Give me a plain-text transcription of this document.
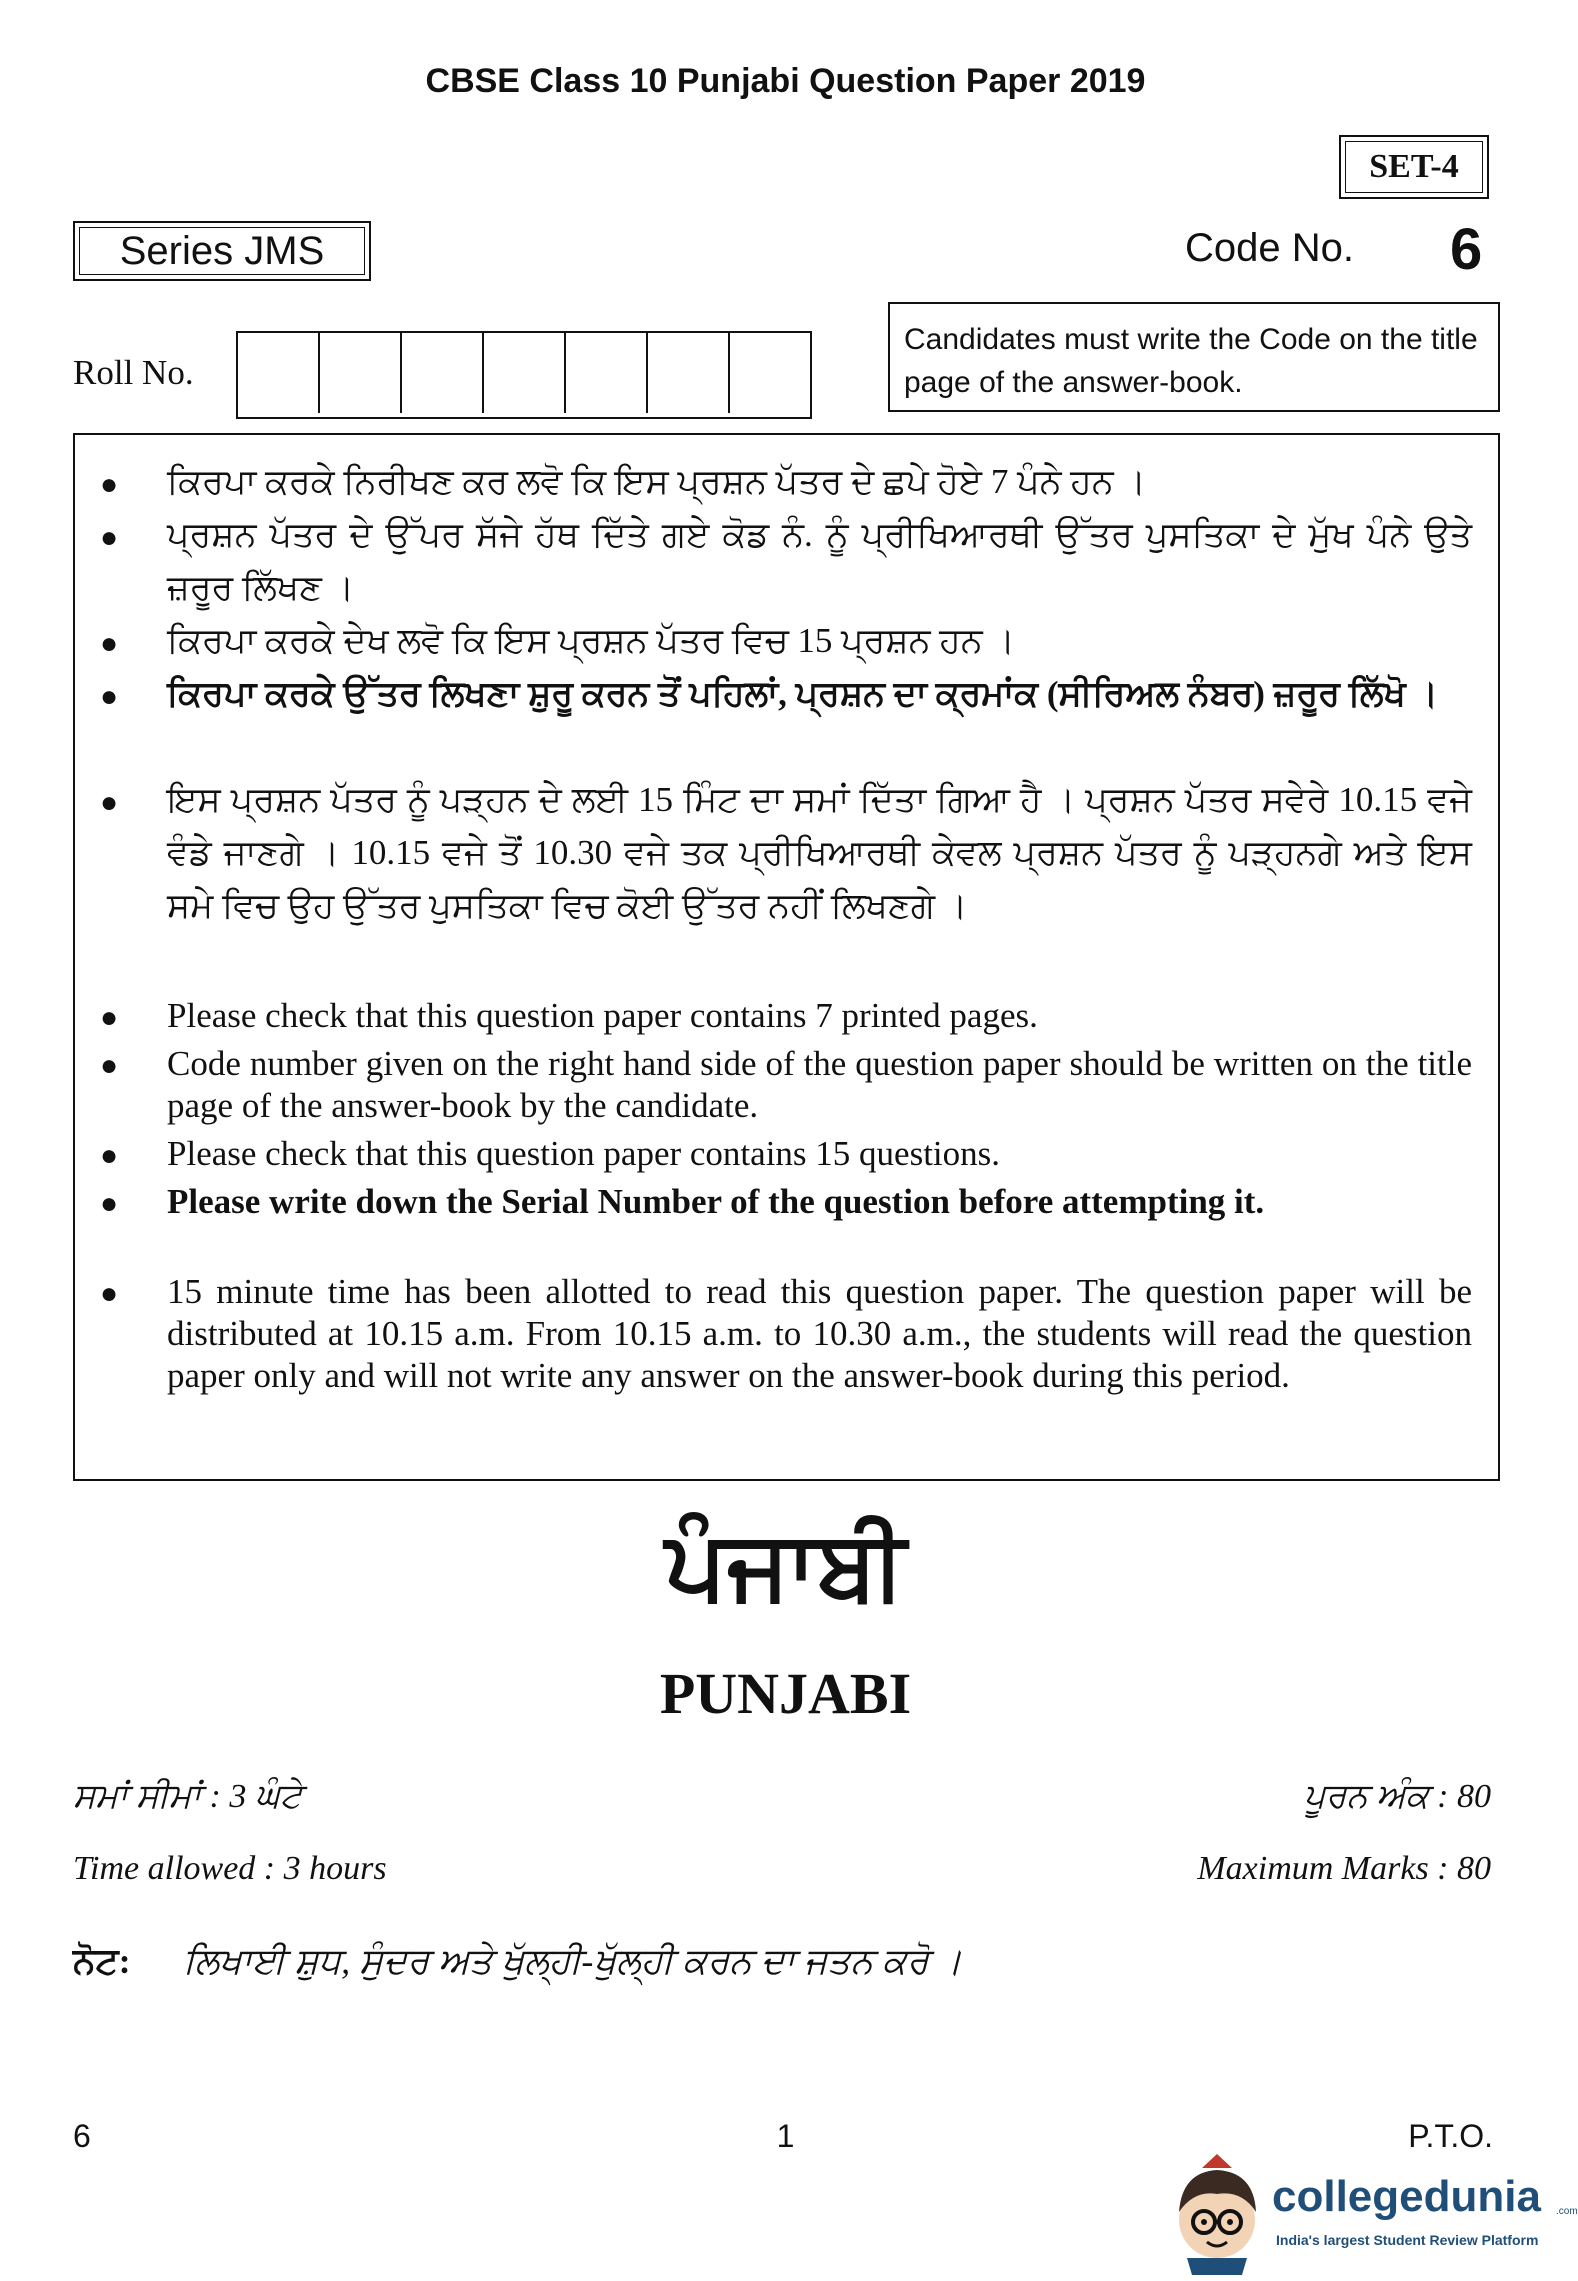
CBSE Class 10 Punjabi Question Paper 2019
SET-4
Series JMS	Code No. 6
Roll No.
Candidates must write the Code on the title page of the answer-book.
● ਕਿਰਪਾ ਕਰਕੇ ਨਿਰੀਖਣ ਕਰ ਲਵੋ ਕਿ ਇਸ ਪ੍ਰਸ਼ਨ ਪੱਤਰ ਦੇ ਛਪੇ ਹੋਏ 7 ਪੰਨੇ ਹਨ ।
● ਪ੍ਰਸ਼ਨ ਪੱਤਰ ਦੇ ਉੱਪਰ ਸੱਜੇ ਹੱਥ ਦਿੱਤੇ ਗਏ ਕੋਡ ਨੰ. ਨੂੰ ਪ੍ਰੀਖਿਆਰਥੀ ਉੱਤਰ ਪੁਸਤਿਕਾ ਦੇ ਮੁੱਖ ਪੰਨੇ ਉਤੇ ਜ਼ਰੂਰ ਲਿੱਖਣ ।
● ਕਿਰਪਾ ਕਰਕੇ ਦੇਖ ਲਵੋ ਕਿ ਇਸ ਪ੍ਰਸ਼ਨ ਪੱਤਰ ਵਿਚ 15 ਪ੍ਰਸ਼ਨ ਹਨ ।
● ਕਿਰਪਾ ਕਰਕੇ ਉੱਤਰ ਲਿਖਣਾ ਸ਼ੁਰੂ ਕਰਨ ਤੋਂ ਪਹਿਲਾਂ, ਪ੍ਰਸ਼ਨ ਦਾ ਕ੍ਰਮਾਂਕ (ਸੀਰਿਅਲ ਨੰਬਰ) ਜ਼ਰੂਰ ਲਿੱਖੋ ।
● ਇਸ ਪ੍ਰਸ਼ਨ ਪੱਤਰ ਨੂੰ ਪੜ੍ਹਨ ਦੇ ਲਈ 15 ਮਿੰਟ ਦਾ ਸਮਾਂ ਦਿੱਤਾ ਗਿਆ ਹੈ । ਪ੍ਰਸ਼ਨ ਪੱਤਰ ਸਵੇਰੇ 10.15 ਵਜੇ ਵੰਡੇ ਜਾਣਗੇ । 10.15 ਵਜੇ ਤੋਂ 10.30 ਵਜੇ ਤਕ ਪ੍ਰੀਖਿਆਰਥੀ ਕੇਵਲ ਪ੍ਰਸ਼ਨ ਪੱਤਰ ਨੂੰ ਪੜ੍ਹਨਗੇ ਅਤੇ ਇਸ ਸਮੇ ਵਿਚ ਉਹ ਉੱਤਰ ਪੁਸਤਿਕਾ ਵਿਚ ਕੋਈ ਉੱਤਰ ਨਹੀਂ ਲਿਖਣਗੇ ।
● Please check that this question paper contains 7 printed pages.
● Code number given on the right hand side of the question paper should be written on the title page of the answer-book by the candidate.
● Please check that this question paper contains 15 questions.
● Please write down the Serial Number of the question before attempting it.
● 15 minute time has been allotted to read this question paper. The question paper will be distributed at 10.15 a.m. From 10.15 a.m. to 10.30 a.m., the students will read the question paper only and will not write any answer on the answer-book during this period.
ਪੰਜਾਬੀ
PUNJABI
ਸਮਾਂ ਸੀਮਾਂ : 3 ਘੰਟੇ	ਪੂਰਨ ਅੰਕ : 80
Time allowed : 3 hours	Maximum Marks : 80
ਨੋਟ: ਲਿਖਾਈ ਸ਼ੁਧ, ਸੁੰਦਰ ਅਤੇ ਖੁੱਲ੍ਹੀ-ਖੁੱਲ੍ਹੀ ਕਰਨ ਦਾ ਜਤਨ ਕਰੋ ।
6	1	P.T.O.
collegedunia .com
India's largest Student Review Platform
